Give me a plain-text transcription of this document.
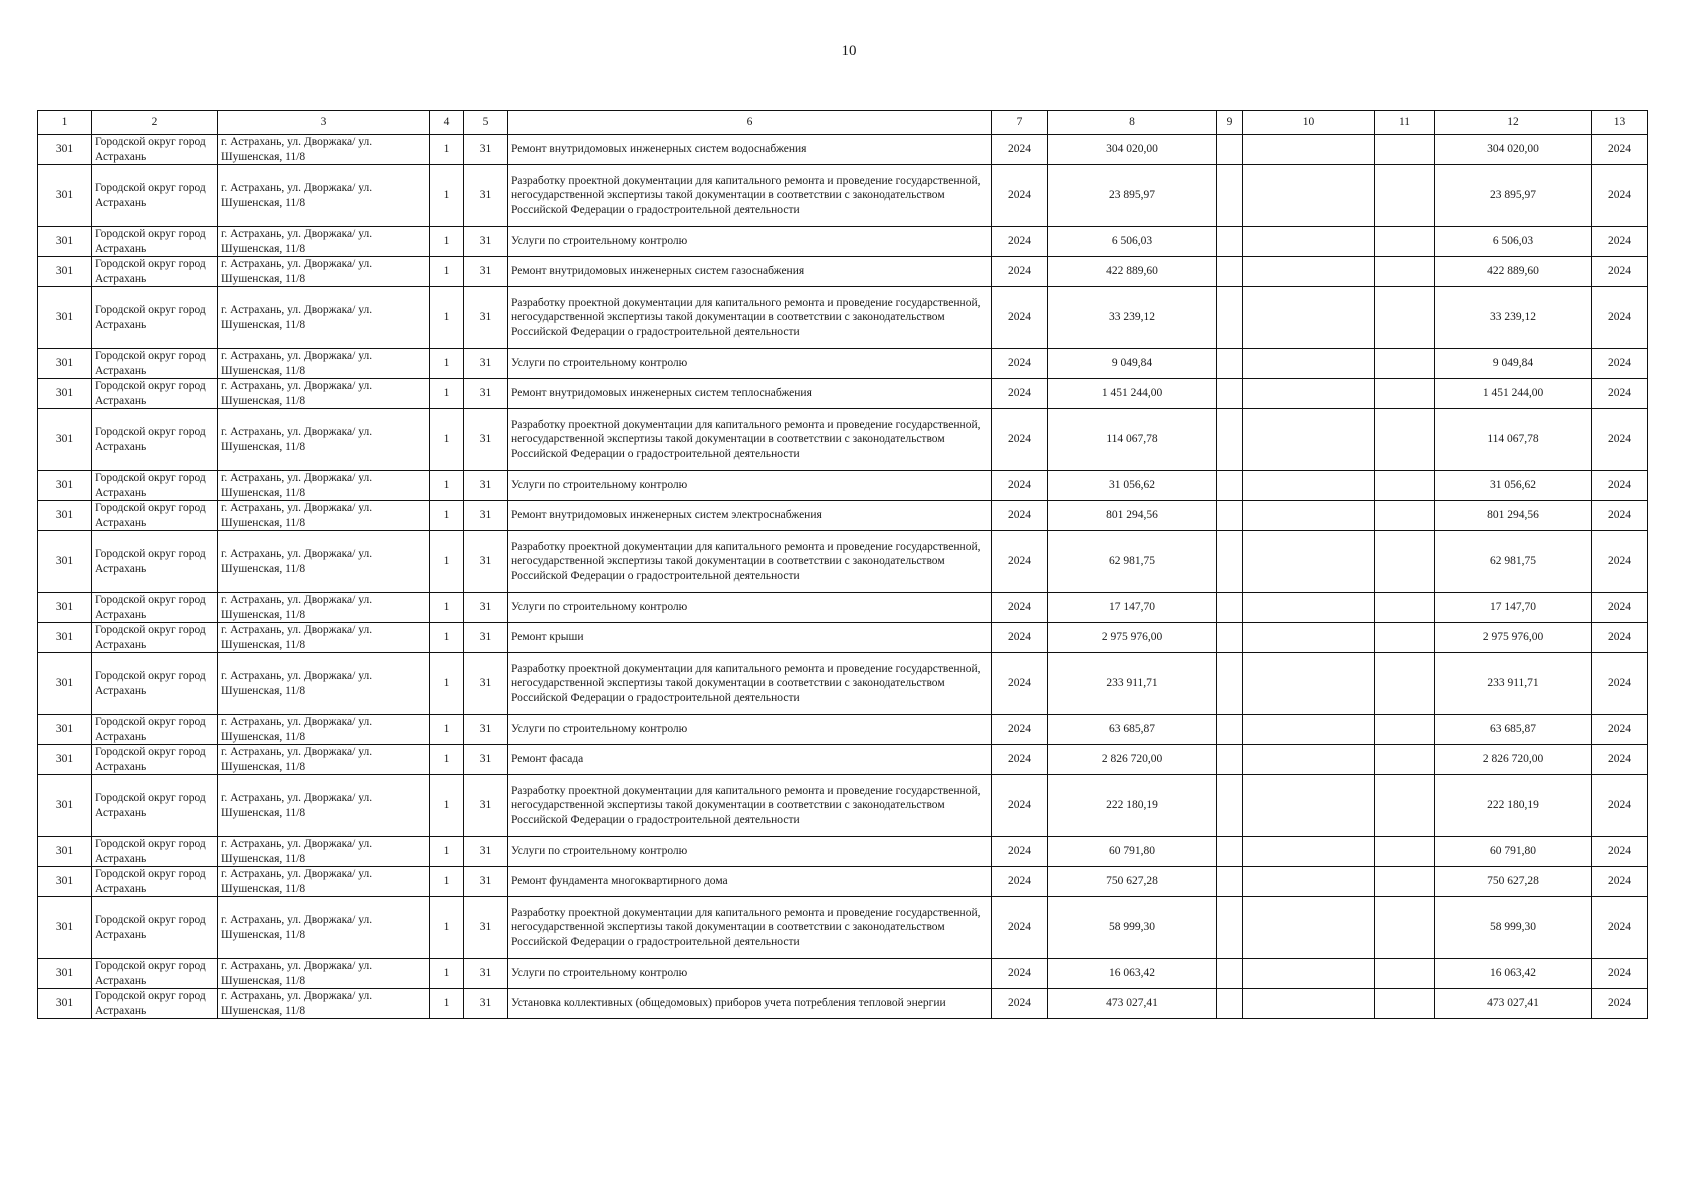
10
1	2	3	4	5	6	7	8	9	10	11	12	13
301	Городской округ город Астрахань	г. Астрахань, ул. Дворжака/ ул. Шушенская, 11/8	1	31	Ремонт внутридомовых инженерных систем водоснабжения	2024	304 020,00				304 020,00	2024
301	Городской округ город Астрахань	г. Астрахань, ул. Дворжака/ ул. Шушенская, 11/8	1	31	Разработку проектной документации для капитального ремонта и проведение государственной, негосударственной экспертизы такой документации в соответствии с законодательством Российской Федерации о градостроительной деятельности	2024	23 895,97				23 895,97	2024
301	Городской округ город Астрахань	г. Астрахань, ул. Дворжака/ ул. Шушенская, 11/8	1	31	Услуги по строительному контролю	2024	6 506,03				6 506,03	2024
301	Городской округ город Астрахань	г. Астрахань, ул. Дворжака/ ул. Шушенская, 11/8	1	31	Ремонт внутридомовых инженерных систем газоснабжения	2024	422 889,60				422 889,60	2024
301	Городской округ город Астрахань	г. Астрахань, ул. Дворжака/ ул. Шушенская, 11/8	1	31	Разработку проектной документации для капитального ремонта и проведение государственной, негосударственной экспертизы такой документации в соответствии с законодательством Российской Федерации о градостроительной деятельности	2024	33 239,12				33 239,12	2024
301	Городской округ город Астрахань	г. Астрахань, ул. Дворжака/ ул. Шушенская, 11/8	1	31	Услуги по строительному контролю	2024	9 049,84				9 049,84	2024
301	Городской округ город Астрахань	г. Астрахань, ул. Дворжака/ ул. Шушенская, 11/8	1	31	Ремонт внутридомовых инженерных систем теплоснабжения	2024	1 451 244,00				1 451 244,00	2024
301	Городской округ город Астрахань	г. Астрахань, ул. Дворжака/ ул. Шушенская, 11/8	1	31	Разработку проектной документации для капитального ремонта и проведение государственной, негосударственной экспертизы такой документации в соответствии с законодательством Российской Федерации о градостроительной деятельности	2024	114 067,78				114 067,78	2024
301	Городской округ город Астрахань	г. Астрахань, ул. Дворжака/ ул. Шушенская, 11/8	1	31	Услуги по строительному контролю	2024	31 056,62				31 056,62	2024
301	Городской округ город Астрахань	г. Астрахань, ул. Дворжака/ ул. Шушенская, 11/8	1	31	Ремонт внутридомовых инженерных систем электроснабжения	2024	801 294,56				801 294,56	2024
301	Городской округ город Астрахань	г. Астрахань, ул. Дворжака/ ул. Шушенская, 11/8	1	31	Разработку проектной документации для капитального ремонта и проведение государственной, негосударственной экспертизы такой документации в соответствии с законодательством Российской Федерации о градостроительной деятельности	2024	62 981,75				62 981,75	2024
301	Городской округ город Астрахань	г. Астрахань, ул. Дворжака/ ул. Шушенская, 11/8	1	31	Услуги по строительному контролю	2024	17 147,70				17 147,70	2024
301	Городской округ город Астрахань	г. Астрахань, ул. Дворжака/ ул. Шушенская, 11/8	1	31	Ремонт крыши	2024	2 975 976,00				2 975 976,00	2024
301	Городской округ город Астрахань	г. Астрахань, ул. Дворжака/ ул. Шушенская, 11/8	1	31	Разработку проектной документации для капитального ремонта и проведение государственной, негосударственной экспертизы такой документации в соответствии с законодательством Российской Федерации о градостроительной деятельности	2024	233 911,71				233 911,71	2024
301	Городской округ город Астрахань	г. Астрахань, ул. Дворжака/ ул. Шушенская, 11/8	1	31	Услуги по строительному контролю	2024	63 685,87				63 685,87	2024
301	Городской округ город Астрахань	г. Астрахань, ул. Дворжака/ ул. Шушенская, 11/8	1	31	Ремонт фасада	2024	2 826 720,00				2 826 720,00	2024
301	Городской округ город Астрахань	г. Астрахань, ул. Дворжака/ ул. Шушенская, 11/8	1	31	Разработку проектной документации для капитального ремонта и проведение государственной, негосударственной экспертизы такой документации в соответствии с законодательством Российской Федерации о градостроительной деятельности	2024	222 180,19				222 180,19	2024
301	Городской округ город Астрахань	г. Астрахань, ул. Дворжака/ ул. Шушенская, 11/8	1	31	Услуги по строительному контролю	2024	60 791,80				60 791,80	2024
301	Городской округ город Астрахань	г. Астрахань, ул. Дворжака/ ул. Шушенская, 11/8	1	31	Ремонт фундамента многоквартирного дома	2024	750 627,28				750 627,28	2024
301	Городской округ город Астрахань	г. Астрахань, ул. Дворжака/ ул. Шушенская, 11/8	1	31	Разработку проектной документации для капитального ремонта и проведение государственной, негосударственной экспертизы такой документации в соответствии с законодательством Российской Федерации о градостроительной деятельности	2024	58 999,30				58 999,30	2024
301	Городской округ город Астрахань	г. Астрахань, ул. Дворжака/ ул. Шушенская, 11/8	1	31	Услуги по строительному контролю	2024	16 063,42				16 063,42	2024
301	Городской округ город Астрахань	г. Астрахань, ул. Дворжака/ ул. Шушенская, 11/8	1	31	Установка коллективных (общедомовых) приборов учета потребления тепловой энергии	2024	473 027,41				473 027,41	2024
